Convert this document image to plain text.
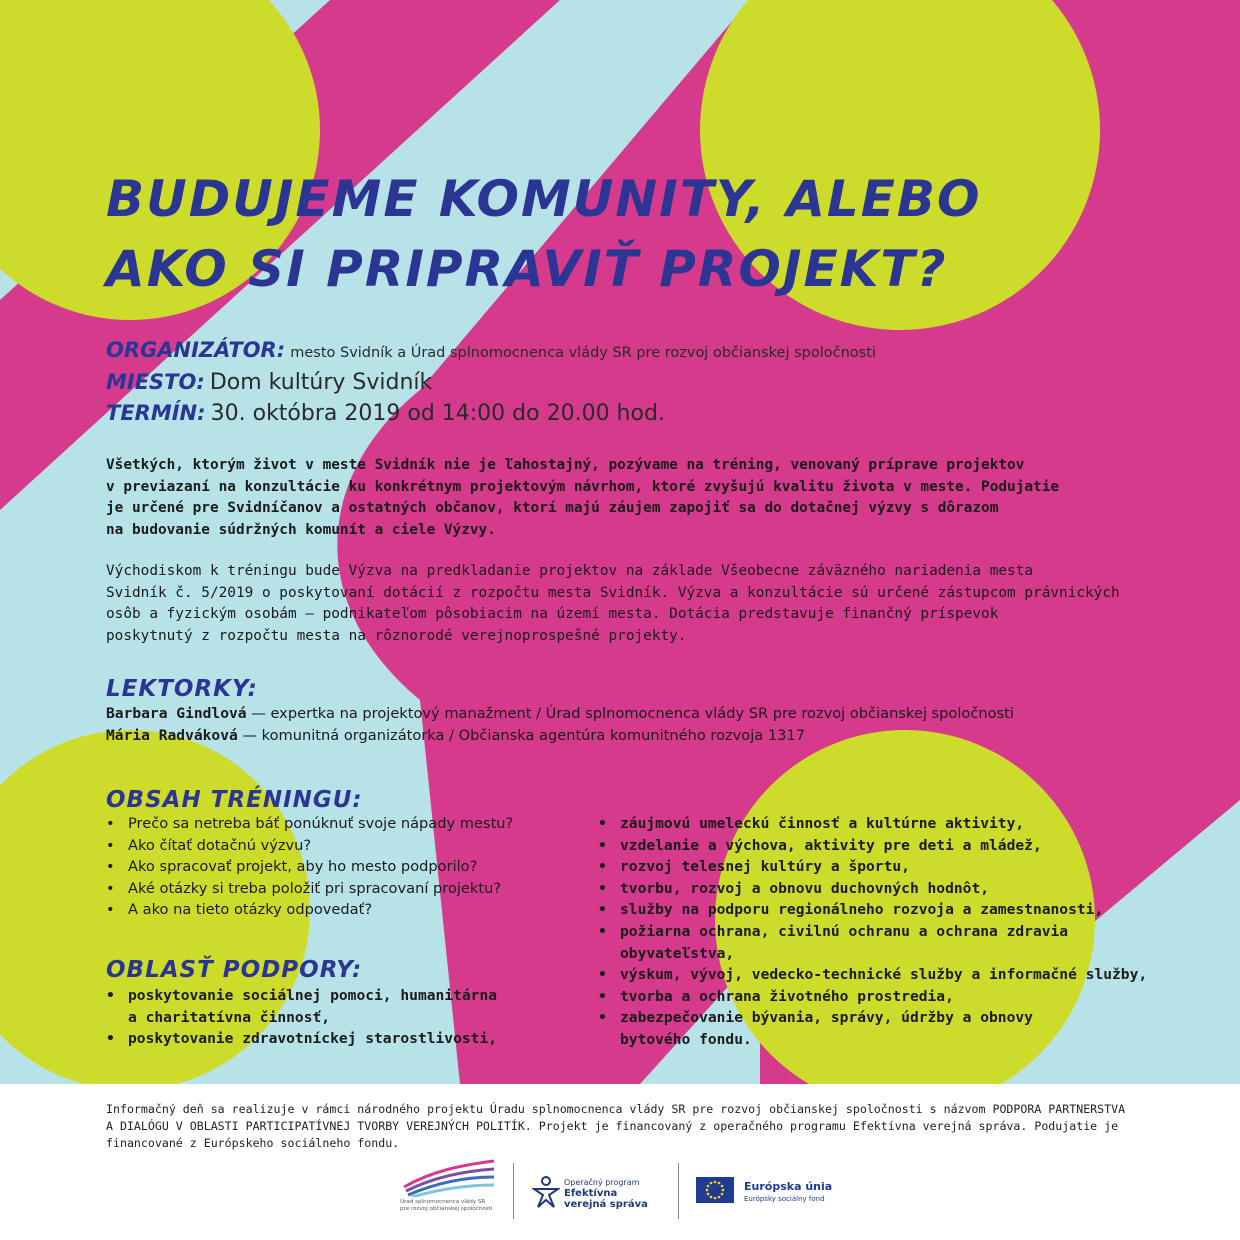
BUDUJEME KOMUNITY, ALEBO
AKO SI PRIPRAVIŤ PROJEKT?
ORGANIZÁTOR: mesto Svidník a Úrad splnomocnenca vlády SR pre rozvoj občianskej spoločnosti
MIESTO: Dom kultúry Svidník
TERMÍN: 30. októbra 2019 od 14:00 do 20.00 hod.

Všetkých, ktorým život v meste Svidník nie je ľahostajný, pozývame na tréning, venovaný príprave projektov
v previazaní na konzultácie ku konkrétnym projektovým návrhom, ktoré zvyšujú kvalitu života v meste. Podujatie
je určené pre Svidníčanov a ostatných občanov, ktorí majú záujem zapojiť sa do dotačnej výzvy s dôrazom
na budovanie súdržných komunít a ciele Výzvy.

Východiskom k tréningu bude Výzva na predkladanie projektov na základe Všeobecne záväzného nariadenia mesta
Svidník č. 5/2019 o poskytovaní dotácií z rozpočtu mesta Svidník. Výzva a konzultácie sú určené zástupcom právnických
osôb a fyzickým osobám – podnikateľom pôsobiacim na území mesta. Dotácia predstavuje finančný príspevok
poskytnutý z rozpočtu mesta na rôznorodé verejnoprospešné projekty.

LEKTORKY:
Barbara Gindlová — expertka na projektový manažment / Úrad splnomocnenca vlády SR pre rozvoj občianskej spoločnosti
Mária Radváková — komunitná organizátorka / Občianska agentúra komunitného rozvoja 1317
OBSAH TRÉNINGU:
• Prečo sa netreba báť ponúknuť svoje nápady mestu?
• Ako čítať dotačnú výzvu?
• Ako spracovať projekt, aby ho mesto podporilo?
• Aké otázky si treba položiť pri spracovaní projektu?
• A ako na tieto otázky odpovedať?
• záujmovú umeleckú činnosť a kultúrne aktivity,
• vzdelanie a výchova, aktivity pre deti a mládež,
• rozvoj telesnej kultúry a športu,
• tvorbu, rozvoj a obnovu duchovných hodnôt,
• služby na podporu regionálneho rozvoja a zamestnanosti,
• požiarna ochrana, civilnú ochranu a ochrana zdravia
obyvateľstva,
• výskum, vývoj, vedecko-technické služby a informačné služby,
• tvorba a ochrana životného prostredia,
• zabezpečovanie bývania, správy, údržby a obnovy
bytového fondu.
OBLASŤ PODPORY:
• poskytovanie sociálnej pomoci, humanitárna
a charitatívna činnosť,
• poskytovanie zdravotníckej starostlivosti,

Informačný deň sa realizuje v rámci národného projektu Úradu splnomocnenca vlády SR pre rozvoj občianskej spoločnosti s názvom PODPORA PARTNERSTVA
A DIALÓGU V OBLASTI PARTICIPATÍVNEJ TVORBY VEREJNÝCH POLITÍK. Projekt je financovaný z operačného programu Efektívna verejná správa. Podujatie je
financované z Európskeho sociálneho fondu.

Úrad splnomocnenca vlády SR
pre rozvoj občianskej spoločnosti
Operačný program
Efektívna
verejná správa
Európska únia
Európsky sociálny fond
